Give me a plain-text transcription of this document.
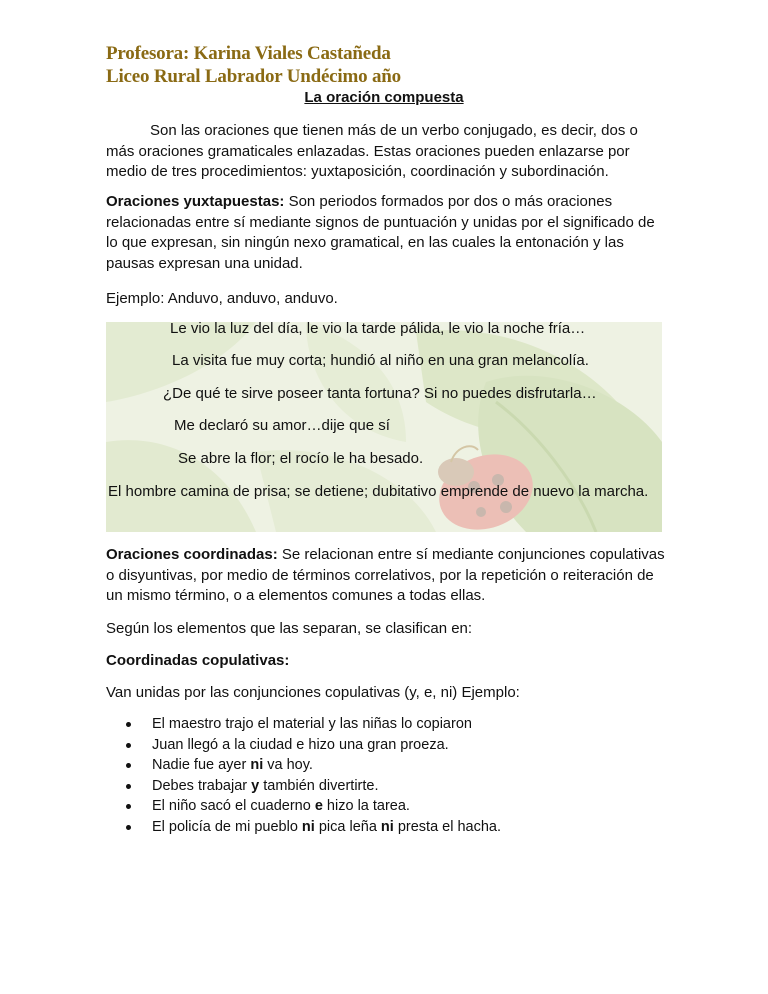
Profesora: Karina Viales Castañeda
Liceo Rural Labrador Undécimo año
La oración compuesta
Son las oraciones que tienen más de un verbo conjugado, es decir, dos o más oraciones gramaticales enlazadas. Estas oraciones pueden enlazarse por medio de tres procedimientos: yuxtaposición, coordinación y subordinación.
Oraciones yuxtapuestas: Son periodos formados por dos o más oraciones relacionadas entre sí mediante signos de puntuación y unidas por el significado de lo que expresan, sin ningún nexo gramatical, en las cuales la entonación y las pausas expresan una unidad.
Ejemplo: Anduvo, anduvo, anduvo.
Le vio la luz del día, le vio la tarde pálida, le vio la noche fría…
La visita fue muy corta; hundió al niño en una gran melancolía.
¿De qué te sirve poseer tanta fortuna? Si no puedes disfrutarla…
Me declaró su amor…dije que sí
Se abre la flor; el rocío le ha besado.
El hombre camina de prisa; se detiene; dubitativo emprende de nuevo la marcha.
Oraciones coordinadas: Se relacionan entre sí mediante conjunciones copulativas o disyuntivas, por medio de términos correlativos, por la repetición o reiteración de un mismo término, o a elementos comunes a todas ellas.
Según los elementos que las separan, se clasifican en:
Coordinadas copulativas:
Van unidas por las conjunciones copulativas (y, e, ni) Ejemplo:
El maestro trajo el material y las niñas lo copiaron
Juan llegó a la ciudad e hizo una gran proeza.
Nadie fue ayer ni va hoy.
Debes trabajar y también divertirte.
El niño sacó el cuaderno e hizo la tarea.
El policía de mi pueblo ni pica leña ni presta el hacha.
